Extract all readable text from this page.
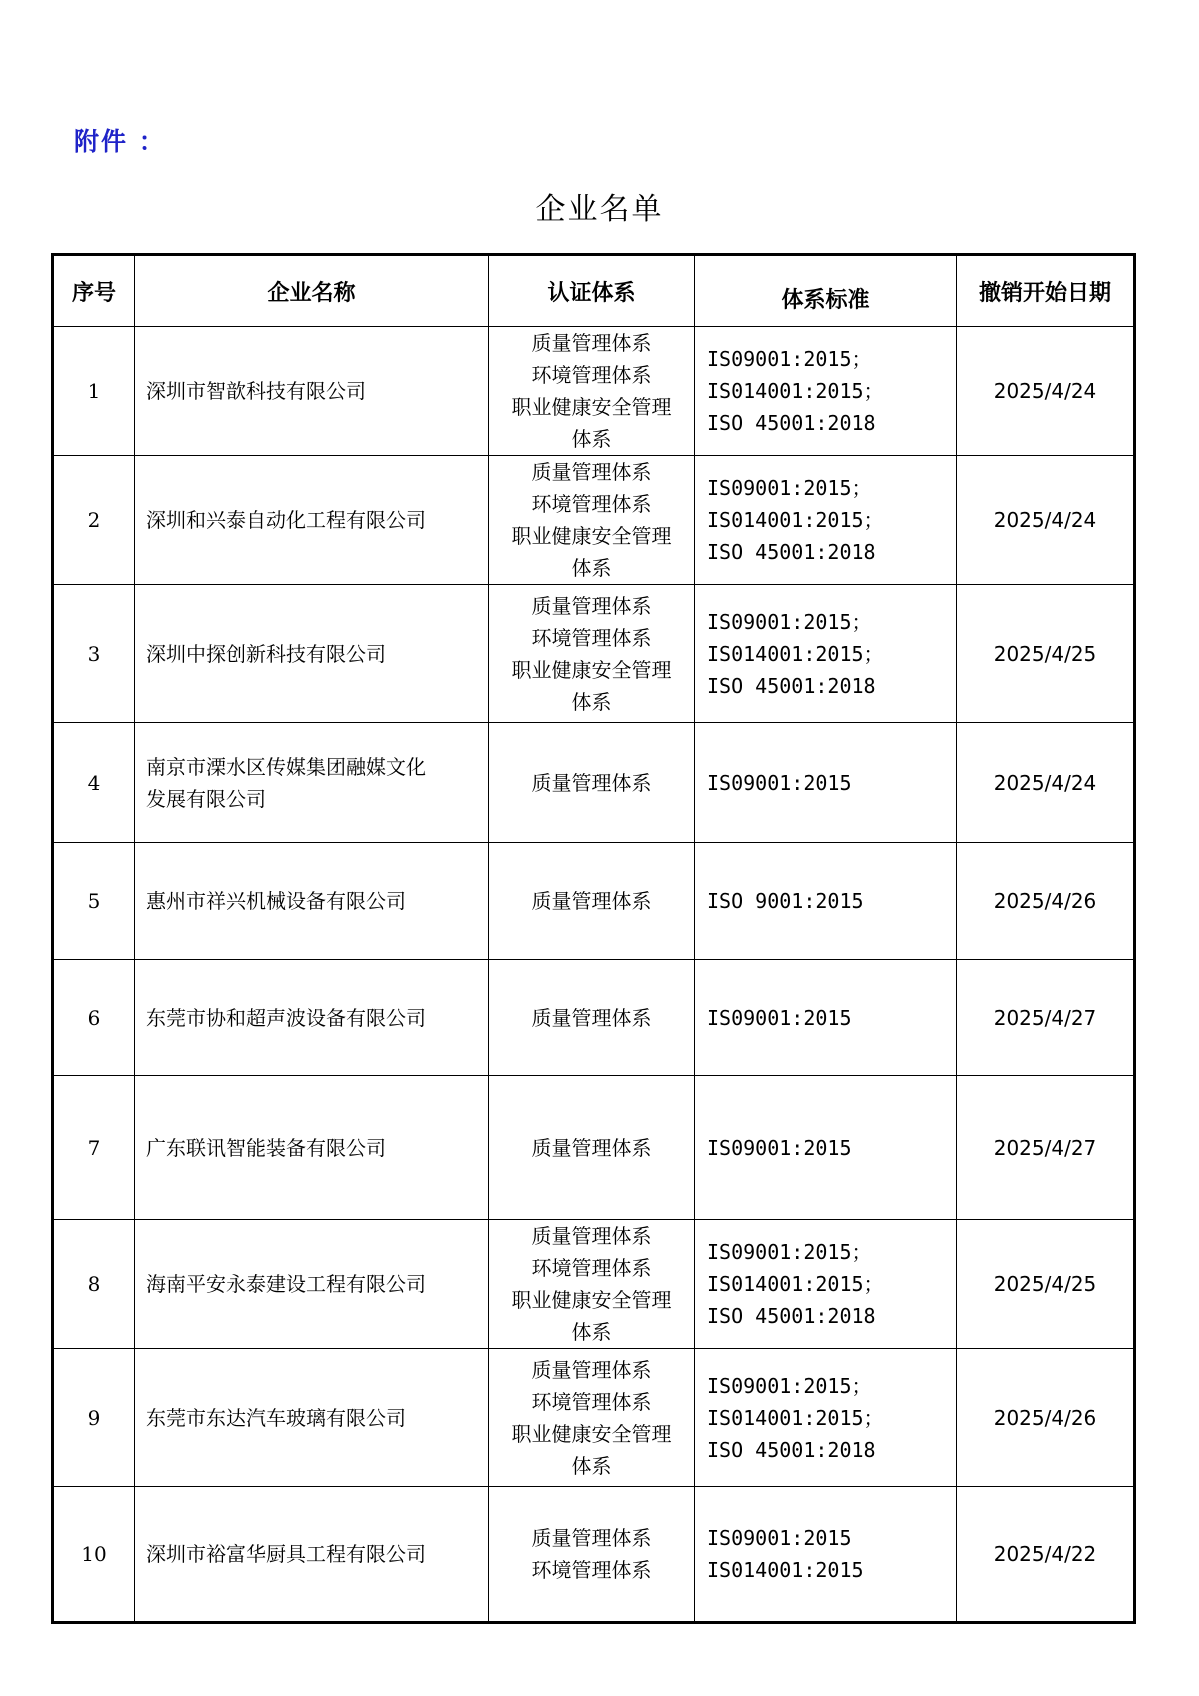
附件 ：
企业名单
序号	企业名称	认证体系	体系标准	撤销开始日期
1	深圳市智歆科技有限公司	质量管理体系
环境管理体系
职业健康安全管理
体系	IS09001:2015；
IS014001:2015；
ISO 45001:2018	2025/4/24
2	深圳和兴泰自动化工程有限公司	质量管理体系
环境管理体系
职业健康安全管理
体系	IS09001:2015；
IS014001:2015；
ISO 45001:2018	2025/4/24
3	深圳中探创新科技有限公司	质量管理体系
环境管理体系
职业健康安全管理
体系	IS09001:2015；
IS014001:2015；
ISO 45001:2018	2025/4/25
4	南京市溧水区传媒集团融媒文化
发展有限公司	质量管理体系	IS09001:2015	2025/4/24
5	惠州市祥兴机械设备有限公司	质量管理体系	ISO 9001:2015	2025/4/26
6	东莞市协和超声波设备有限公司	质量管理体系	IS09001:2015	2025/4/27
7	广东联讯智能装备有限公司	质量管理体系	IS09001:2015	2025/4/27
8	海南平安永泰建设工程有限公司	质量管理体系
环境管理体系
职业健康安全管理
体系	IS09001:2015；
IS014001:2015；
ISO 45001:2018	2025/4/25
9	东莞市东达汽车玻璃有限公司	质量管理体系
环境管理体系
职业健康安全管理
体系	IS09001:2015；
IS014001:2015；
ISO 45001:2018	2025/4/26
10	深圳市裕富华厨具工程有限公司	质量管理体系
环境管理体系	IS09001:2015
IS014001:2015	2025/4/22
